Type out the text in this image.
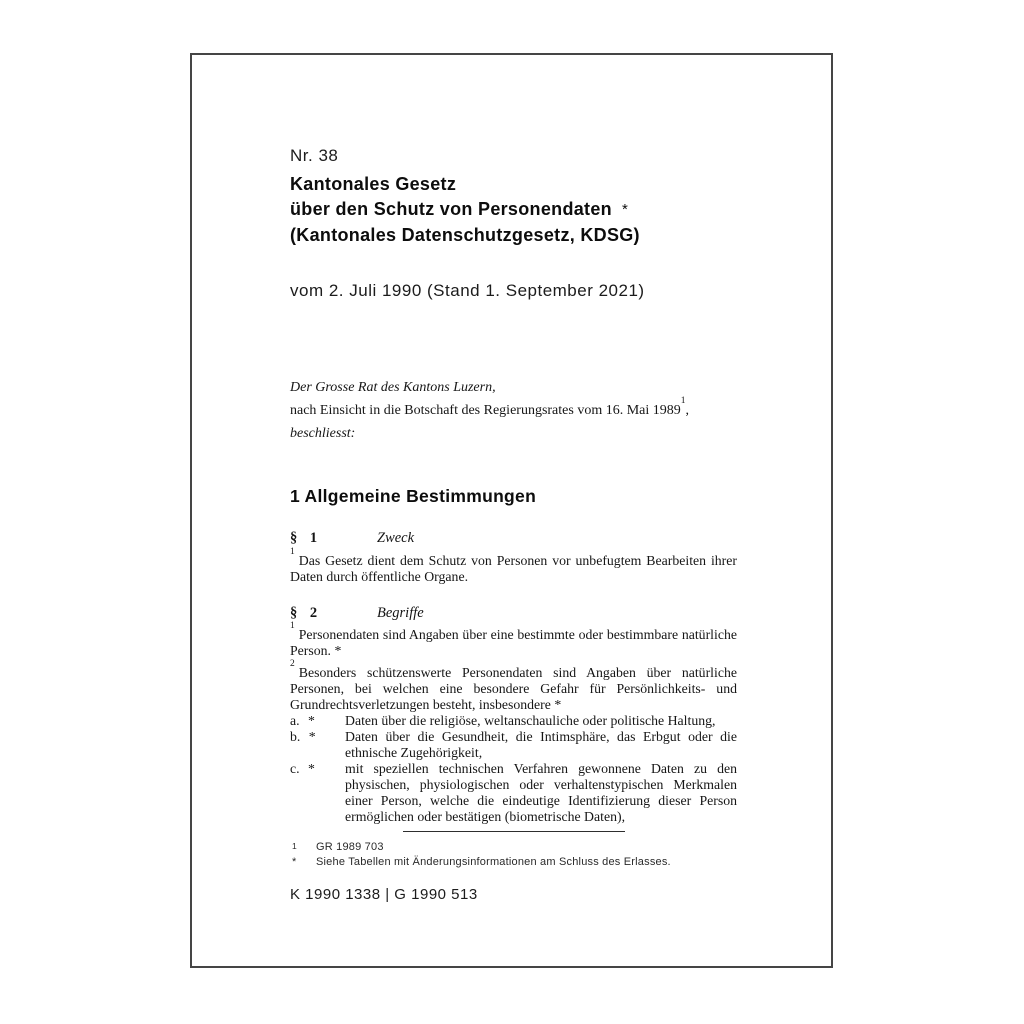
Nr. 38
Kantonales Gesetz
über den Schutz von Personendaten *
(Kantonales Datenschutzgesetz, KDSG)
vom 2. Juli 1990 (Stand 1. September 2021)

Der Grosse Rat des Kantons Luzern,

nach Einsicht in die Botschaft des Regierungsrates vom 16. Mai 1989$^1$,

beschliesst:

1 Allgemeine Bestimmungen
§ 1	Zweck

$^1$Das Gesetz dient dem Schutz von Personen vor unbefugtem Bearbeiten ihrer Daten durch öffentliche Organe.

§ 2	Begriffe

$^1$Personendaten sind Angaben über eine bestimmte oder bestimmbare natürliche Person. *

$^2$Besonders schützenswerte Personendaten sind Angaben über natürliche Personen, bei welchen eine besondere Gefahr für Persönlichkeits- und Grundrechtsverletzungen besteht, insbesondere *

a. *	Daten über die religiöse, weltanschauliche oder politische Haltung,
b. *	Daten über die Gesundheit, die Intimsphäre, das Erbgut oder die ethnische Zugehörigkeit,
c. *	mit speziellen technischen Verfahren gewonnene Daten zu den physischen, physiologischen oder verhaltenstypischen Merkmalen einer Person, welche die eindeutige Identifizierung dieser Person ermöglichen oder bestätigen (biometrische Daten),
1	GR 1989 703
*	Siehe Tabellen mit Änderungsinformationen am Schluss des Erlasses.
K 1990 1338 | G 1990 513
